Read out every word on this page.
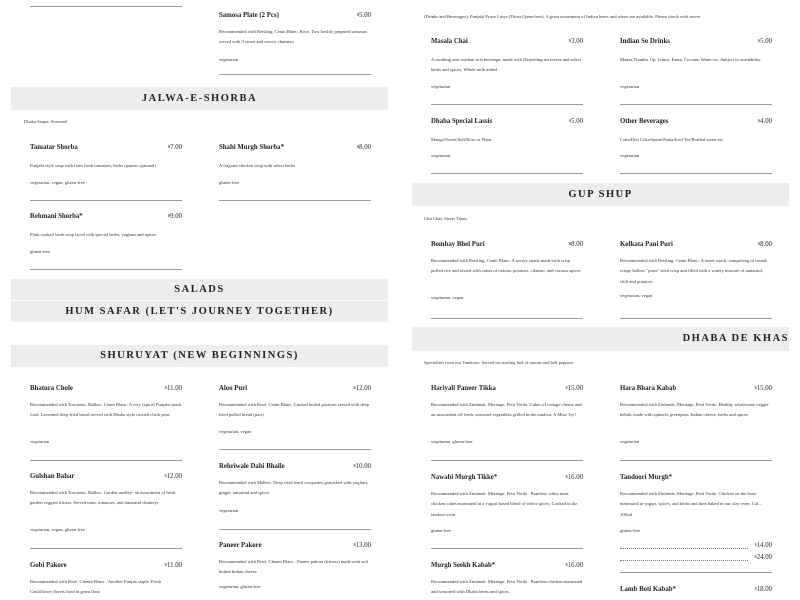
Samosa Plate (2 Pcs)	$5.00
Recommended with Reisling, Cenin Blanc, Rose. Two freshly prepared samosas served with 3 sweet and savory chutneys
vegetarian
JALWA-E-SHORBA
Dhaba Soups: Seasonal
Tamatar Shorba	$7.00
Punjabi style soup with farm fresh tomatoes, herbs (paneer optional)
vegetarian, vegan, gluten-free
Shahi Murgh Shorba*	$8.00
A fragrant chicken soup with select herbs
gluten-free
Rehmani Shorba*	$9.00
Plain cooked lamb soup laced with special herbs, yoghurt and spices
gluten-free
SALADS
HUM SAFAR (LET'S JOURNEY TOGETHER)
SHURUYAT (NEW BEGINNINGS)
Bhatura Chole	$11.00
Recommended with Torrontes, Malbec, Cenin Blanc. A very typical Punjabi snack food. Leavened deep fried bread served with Dhaba style curried chick peas
vegetarian
Gulshan Bahar	$12.00
Recommended with Torrontes, Malbec. Garden medley- an assortment of fresh garden veggies fritters. Served mint, tomatoes, and tamarind chutneys
vegetarian, vegan, gluten-free
Gobi Pakore	$11.00
Recommended with Rosé, Chenin Blanc . Another Punjab staple. Fresh Cauliflower florets fried in gram flour
Aloo Puri	$12.00
Recommended with Rosé, Cenin Blanc. Curried boiled potatoes served with deep fried puffed bread (puri)
vegetarian, vegan
Rehriwale Dahi Bhalle	$10.00
Recommended with Malbec. Deep fried lentil croquettes garnished with yoghurt, ginger, tamarind and spices
vegetarian
Paneer Pakore	$13.00
Recommended with Rosé, Chenin Blanc . Paneer pakora (fritters) made with soft boiled Indian cheese
vegetarian, gluten-free
(Drinks and Beverages): Punjabi Pyase Latye (Thirst Quenchers). A great assortment of Indian beers and wines are available. Please check with server
Masala Chai	$3.00
A soothing anti-oxidant rich beverage, made with Darjeeling tea leaves and select herbs and spices, Whole milk added
vegetarian
Indian So Drinks	$5.00
Maaza,Thumbs Up, Limca, Fanta, Coconut Water etc. Subject to availability
vegetarian
Dhaba Special Lassis	$5.00
Mango/Sweet/Salt/Rose or Plain
vegetarian
Other Beverages	$4.00
Coke/Diet Coke/Sprite/Fanta/Iced Tea/Bottled water etc.
vegetarian
GUP SHUP
Chit Chat: Street Treats
Bombay Bhel Puri	$8.00
Recommended with Reisling, Cenin Blanc. A savory snack made with crisp puffed rice and tossed with cubes of onions, potatoes, cilantro, and various spices
vegetarian, vegan
Kolkata Pani Puri	$8.00
Recommended with Reisling, Cenin Blanc. A street snack, comprising of round, crispy hollow "puris" fried crisp and filled with a watery mixture of tamarind, chili and potatoes
vegetarian, vegan
DHABA DE KHAS
Specialties from our Tandoors. Served on sizzling bed of onions and bell peppers.
Hariyali Paneer Tikka	$15.00
Recommended with Zinfande, Meritage, Petit Verdo. Cubes of cottage cheese and an assortment off fresh, seasonal vegetables grilled in the tandoor. A Must Try!
vegetarian, gluten-free
Nawabi Murgh Tikke*	$16.00
Recommended with Zinfande, Meritage, Petit Verdo . Boneless white meat chicken cubes marinated in a yogurt based blend of select spices. Cooked in the tandoor oven
gluten-free
Murgh Seekh Kabab*	$16.00
Recommended with Zinfande, Meritage, Petit Verdo . Boneless chicken marinated and seasoned with Dhaba herbs and spices.
Hara Bhara Kabab	$15.00
Recommended with Zinfande, Meritage, Petit Verdo. Healthy wholesome veggie kebab, made with spinach, greenpeas, Indian cheese, herbs and spices
vegetarian
Tandoori Murgh*
Recommended with Zinfande, Meritage, Petit Verdo. Chicken on the bone marinated in yogurt, spices, and herbs and then baked in our clay oven. Cal – 300cal
gluten-free
$14.00
$24.00
Lamb Boti Kabab*	$18.00
